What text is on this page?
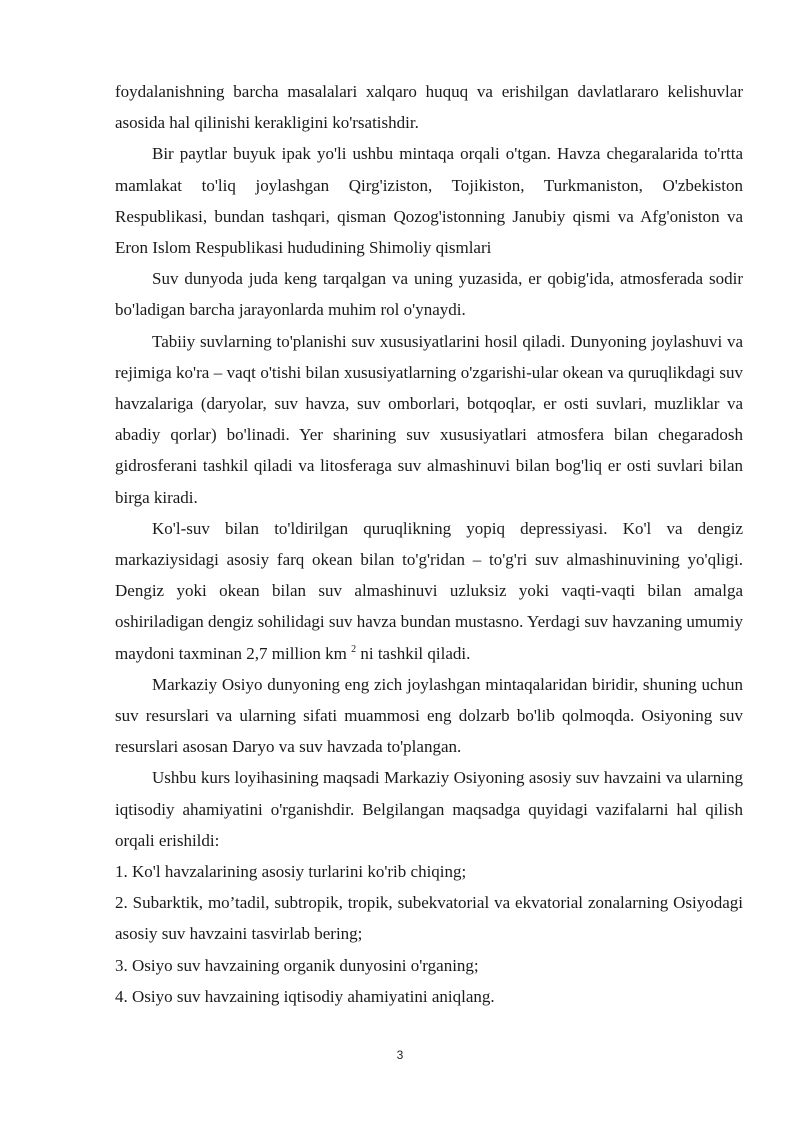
foydalanishning barcha masalalari xalqaro huquq va erishilgan davlatlararo kelishuvlar asosida hal qilinishi kerakligini ko'rsatishdir.

Bir paytlar buyuk ipak yo'li ushbu mintaqa orqali o'tgan. Havza chegaralarida to'rtta mamlakat to'liq joylashgan Qirg'iziston, Tojikiston, Turkmaniston, O'zbekiston Respublikasi, bundan tashqari, qisman Qozog'istonning Janubiy qismi va Afg'oniston va Eron Islom Respublikasi hududining Shimoliy qismlari

Suv dunyoda juda keng tarqalgan va uning yuzasida, er qobig'ida, atmosferada sodir bo'ladigan barcha jarayonlarda muhim rol o'ynaydi.

Tabiiy suvlarning to'planishi suv xususiyatlarini hosil qiladi. Dunyoning joylashuvi va rejimiga ko'ra – vaqt o'tishi bilan xususiyatlarning o'zgarishi-ular okean va quruqlikdagi suv havzalariga (daryolar, suv havza, suv omborlari, botqoqlar, er osti suvlari, muzliklar va abadiy qorlar) bo'linadi. Yer sharining suv xususiyatlari atmosfera bilan chegaradosh gidrosferani tashkil qiladi va litosferaga suv almashinuvi bilan bog'liq er osti suvlari bilan birga kiradi.

Ko'l-suv bilan to'ldirilgan quruqlikning yopiq depressiyasi. Ko'l va dengiz markaziysidagi asosiy farq okean bilan to'g'ridan – to'g'ri suv almashinuvining yo'qligi. Dengiz yoki okean bilan suv almashinuvi uzluksiz yoki vaqti-vaqti bilan amalga oshiriladigan dengiz sohilidagi suv havza bundan mustasno. Yerdagi suv havzaning umumiy maydoni taxminan 2,7 million km $^2$ ni tashkil qiladi.

Markaziy Osiyo dunyoning eng zich joylashgan mintaqalaridan biridir, shuning uchun suv resurslari va ularning sifati muammosi eng dolzarb bo'lib qolmoqda. Osiyoning suv resurslari asosan Daryo va suv havzada to'plangan.

Ushbu kurs loyihasining maqsadi Markaziy Osiyoning asosiy suv havzaini va ularning iqtisodiy ahamiyatini o'rganishdir. Belgilangan maqsadga quyidagi vazifalarni hal qilish orqali erishildi:

1. Ko'l havzalarining asosiy turlarini ko'rib chiqing;

2. Subarktik, mo’tadil, subtropik, tropik, subekvatorial va ekvatorial zonalarning Osiyodagi asosiy suv havzaini tasvirlab bering;

3. Osiyo suv havzaining organik dunyosini o'rganing;

4. Osiyo suv havzaining iqtisodiy ahamiyatini aniqlang.

3
